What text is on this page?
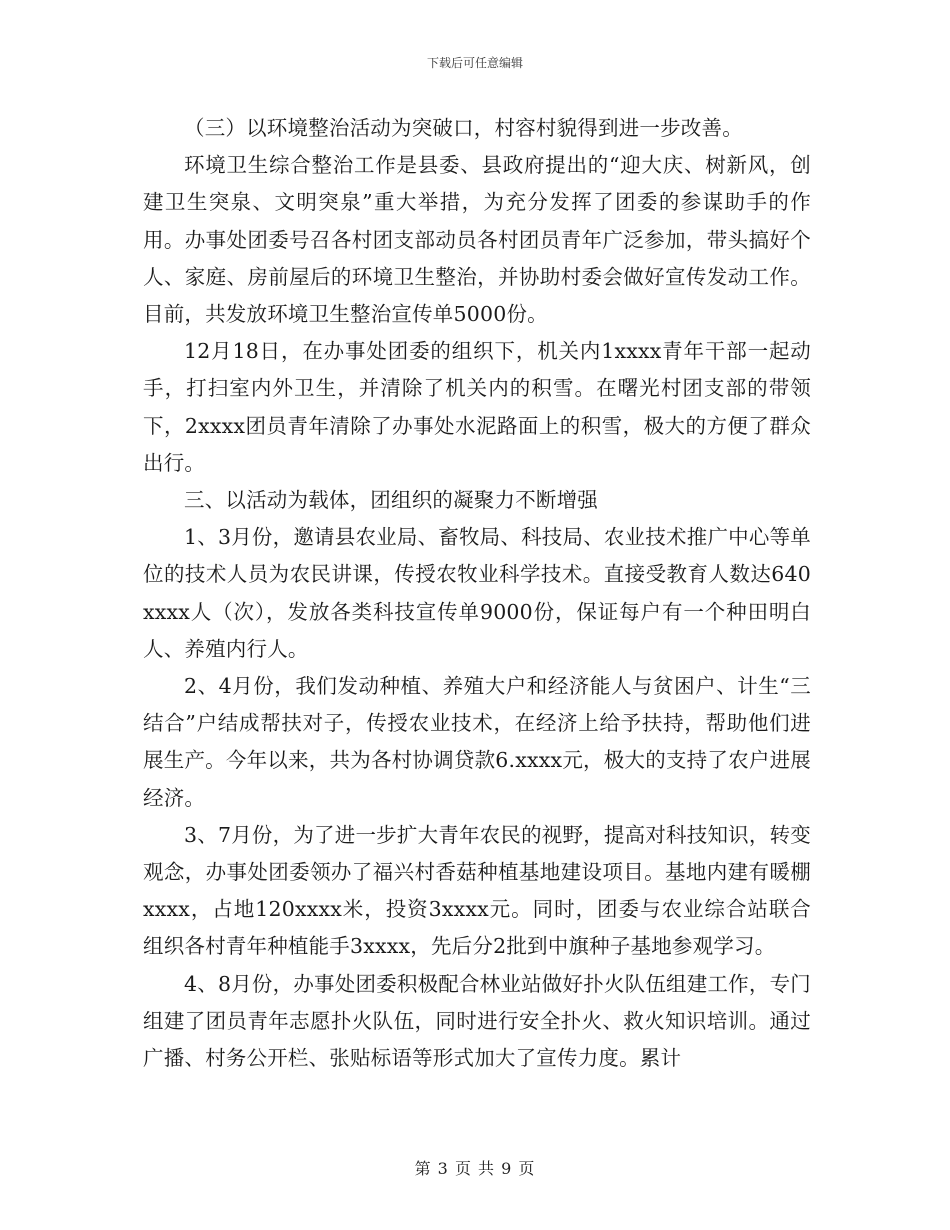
下载后可任意编辑

（三）以环境整治活动为突破口，村容村貌得到进一步改善。

环境卫生综合整治工作是县委、县政府提出的“迎大庆、树新风，创建卫生突泉、文明突泉”重大举措，为充分发挥了团委的参谋助手的作用。办事处团委号召各村团支部动员各村团员青年广泛参加，带头搞好个人、家庭、房前屋后的环境卫生整治，并协助村委会做好宣传发动工作。目前，共发放环境卫生整治宣传单5000份。

12月18日，在办事处团委的组织下，机关内1xxxx青年干部一起动手，打扫室内外卫生，并清除了机关内的积雪。在曙光村团支部的带领下，2xxxx团员青年清除了办事处水泥路面上的积雪，极大的方便了群众出行。

三、以活动为载体，团组织的凝聚力不断增强

1、3月份，邀请县农业局、畜牧局、科技局、农业技术推广中心等单位的技术人员为农民讲课，传授农牧业科学技术。直接受教育人数达640xxxx人（次），发放各类科技宣传单9000份，保证每户有一个种田明白人、养殖内行人。

2、4月份，我们发动种植、养殖大户和经济能人与贫困户、计生“三结合”户结成帮扶对子，传授农业技术，在经济上给予扶持，帮助他们进展生产。今年以来，共为各村协调贷款6.xxxx元，极大的支持了农户进展经济。

3、7月份，为了进一步扩大青年农民的视野，提高对科技知识，转变观念，办事处团委领办了福兴村香菇种植基地建设项目。基地内建有暖棚xxxx，占地120xxxx米，投资3xxxx元。同时，团委与农业综合站联合组织各村青年种植能手3xxxx，先后分2批到中旗种子基地参观学习。

4、8月份，办事处团委积极配合林业站做好扑火队伍组建工作，专门组建了团员青年志愿扑火队伍，同时进行安全扑火、救火知识培训。通过广播、村务公开栏、张贴标语等形式加大了宣传力度。累计

第 3 页 共 9 页
